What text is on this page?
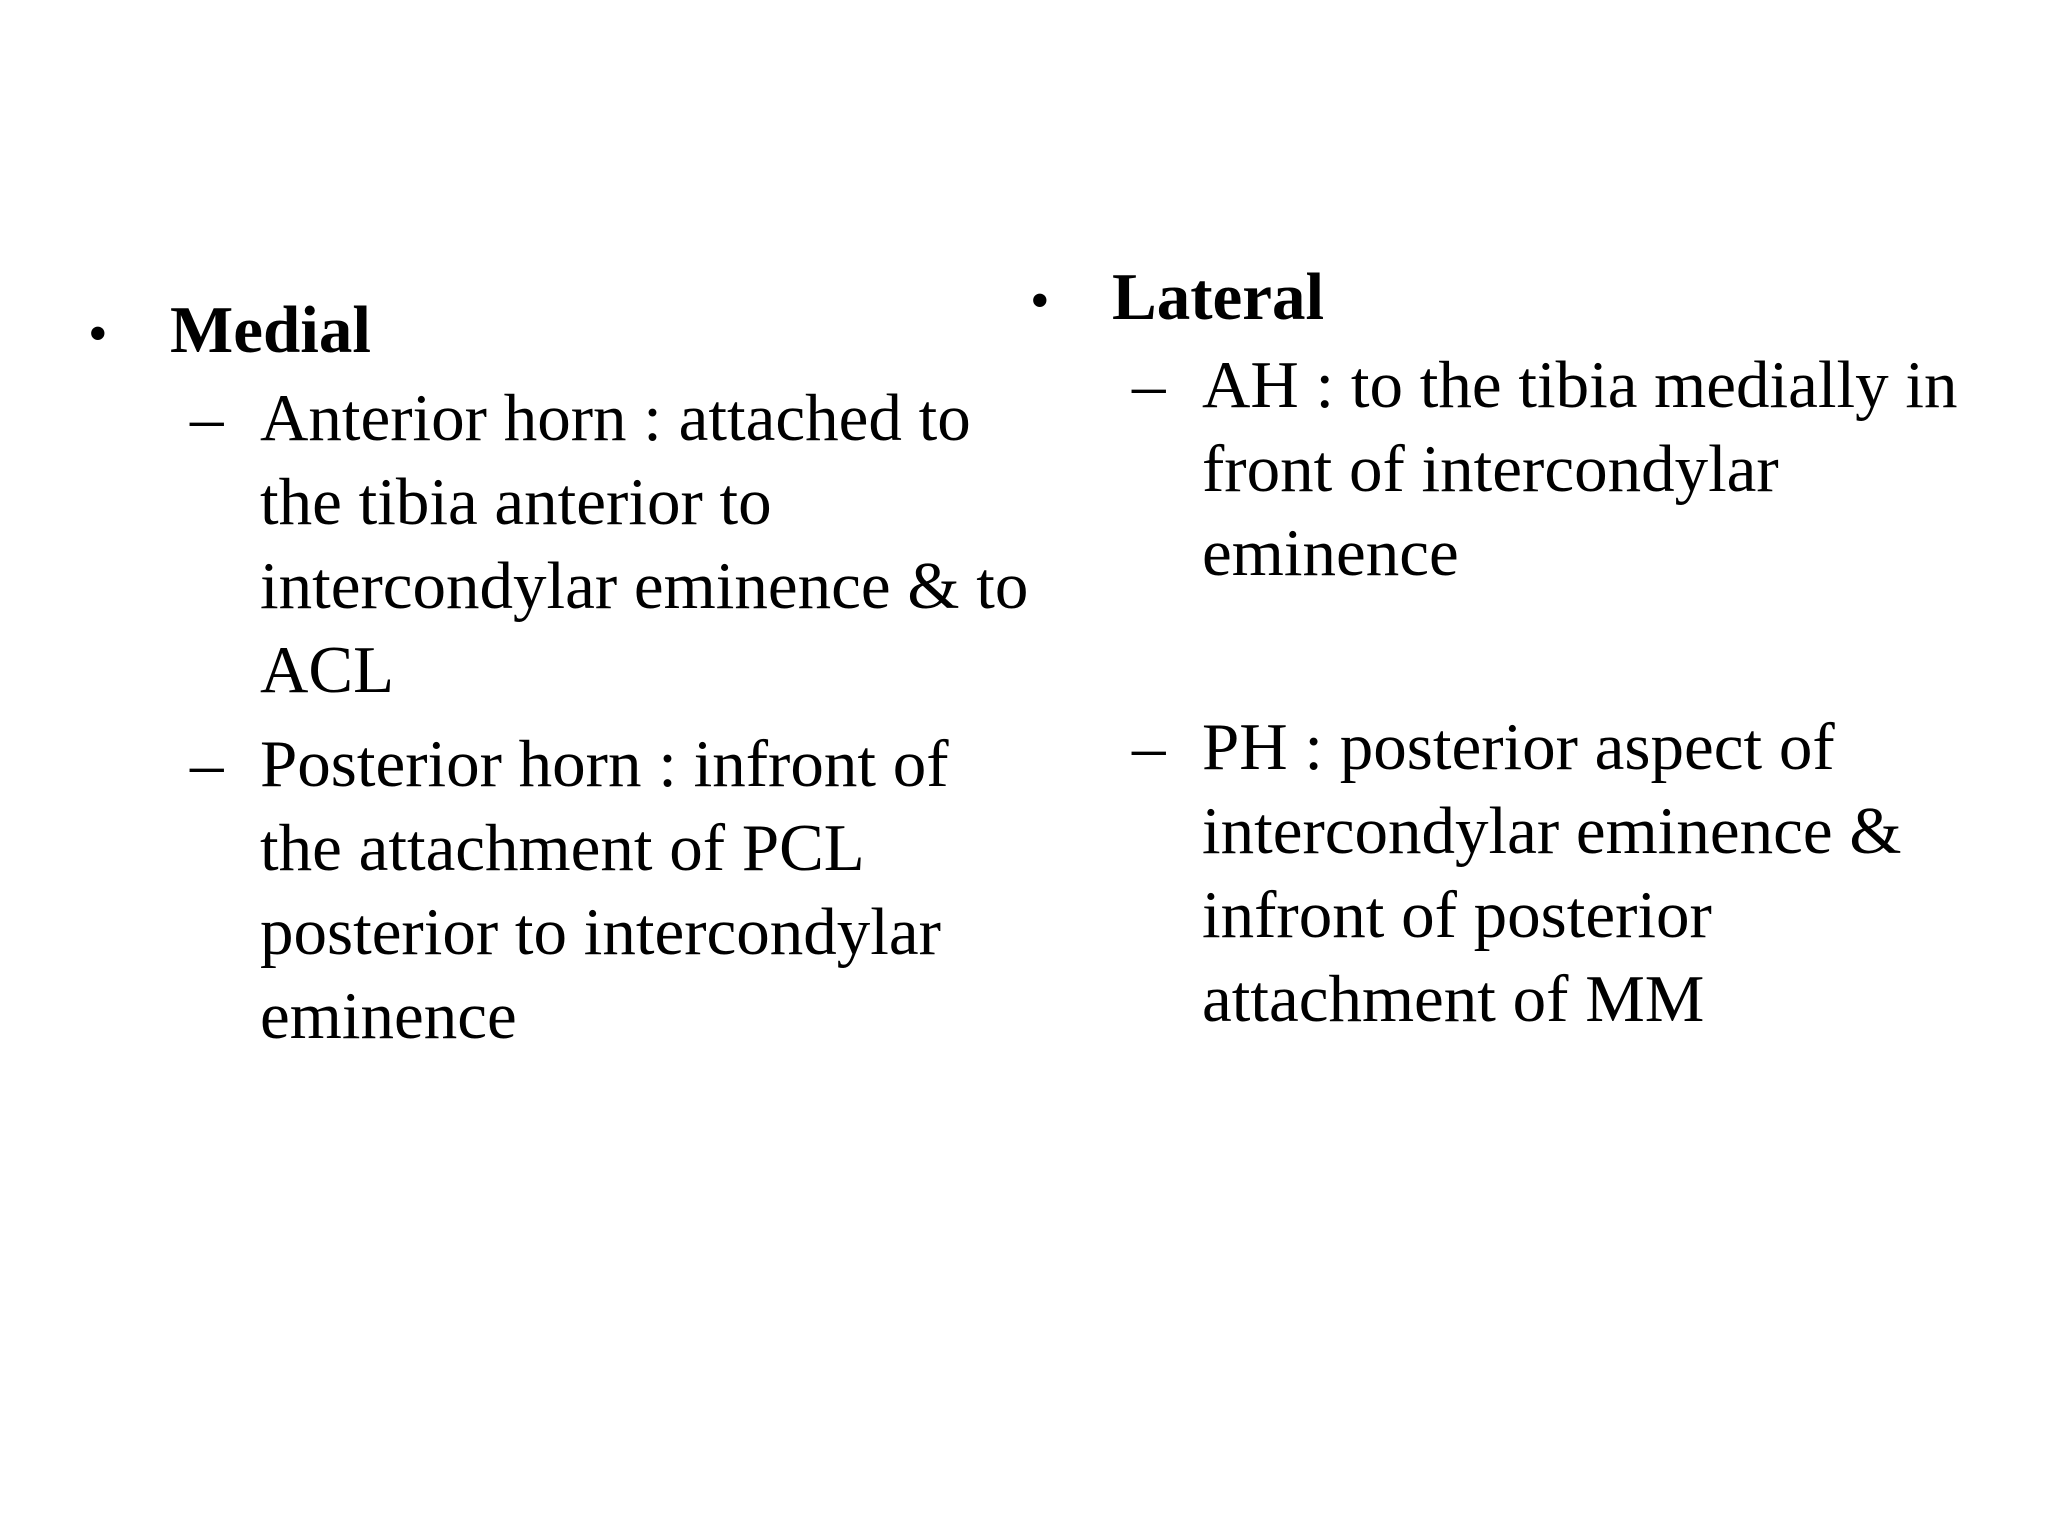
• Medial
– Anterior horn : attached to the tibia anterior to intercondylar eminence & to ACL
– Posterior horn : infront of the attachment of PCL posterior to intercondylar eminence
• Lateral
– AH : to the tibia medially in front of intercondylar eminence
– PH : posterior aspect of intercondylar eminence & infront of posterior attachment of MM
